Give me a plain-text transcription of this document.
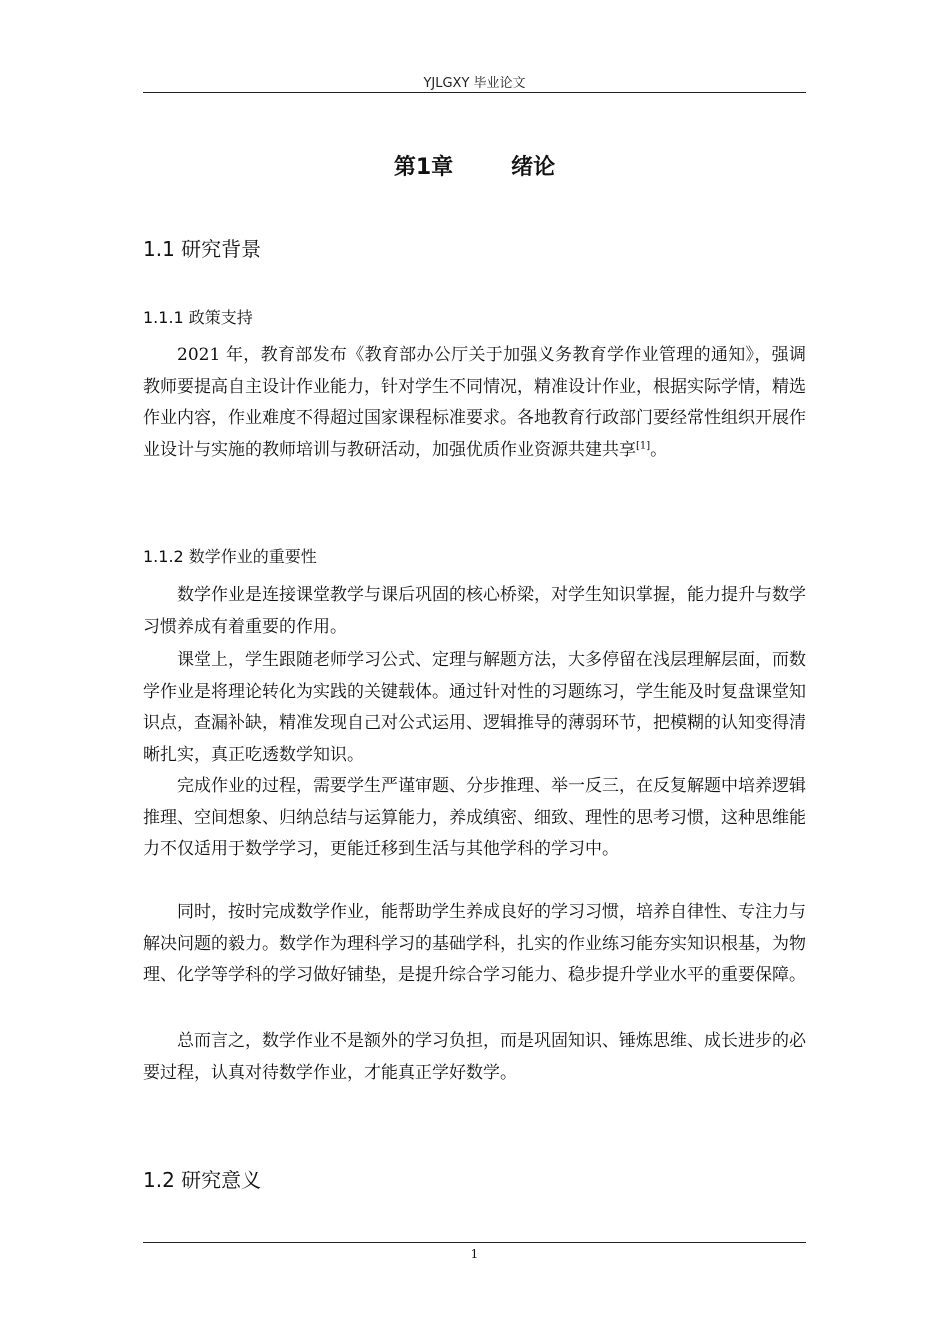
YJLGXY 毕业论文
第1章	绪论
1.1 研究背景
1.1.1 政策支持

2021 年，教育部发布《教育部办公厅关于加强义务教育学作业管理的通知》，强调教师要提高自主设计作业能力，针对学生不同情况，精准设计作业，根据实际学情，精选作业内容，作业难度不得超过国家课程标准要求。各地教育行政部门要经常性组织开展作业设计与实施的教师培训与教研活动，加强优质作业资源共建共享[1]。

1.1.2 数学作业的重要性

数学作业是连接课堂教学与课后巩固的核心桥梁，对学生知识掌握，能力提升与数学习惯养成有着重要的作用。

课堂上，学生跟随老师学习公式、定理与解题方法，大多停留在浅层理解层面，而数学作业是将理论转化为实践的关键载体。通过针对性的习题练习，学生能及时复盘课堂知识点，查漏补缺，精准发现自己对公式运用、逻辑推导的薄弱环节，把模糊的认知变得清晰扎实，真正吃透数学知识。

完成作业的过程，需要学生严谨审题、分步推理、举一反三，在反复解题中培养逻辑推理、空间想象、归纳总结与运算能力，养成缜密、细致、理性的思考习惯，这种思维能力不仅适用于数学学习，更能迁移到生活与其他学科的学习中。

同时，按时完成数学作业，能帮助学生养成良好的学习习惯，培养自律性、专注力与解决问题的毅力。数学作为理科学习的基础学科，扎实的作业练习能夯实知识根基，为物理、化学等学科的学习做好铺垫，是提升综合学习能力、稳步提升学业水平的重要保障。

总而言之，数学作业不是额外的学习负担，而是巩固知识、锤炼思维、成长进步的必要过程，认真对待数学作业，才能真正学好数学。

1.2 研究意义
1
